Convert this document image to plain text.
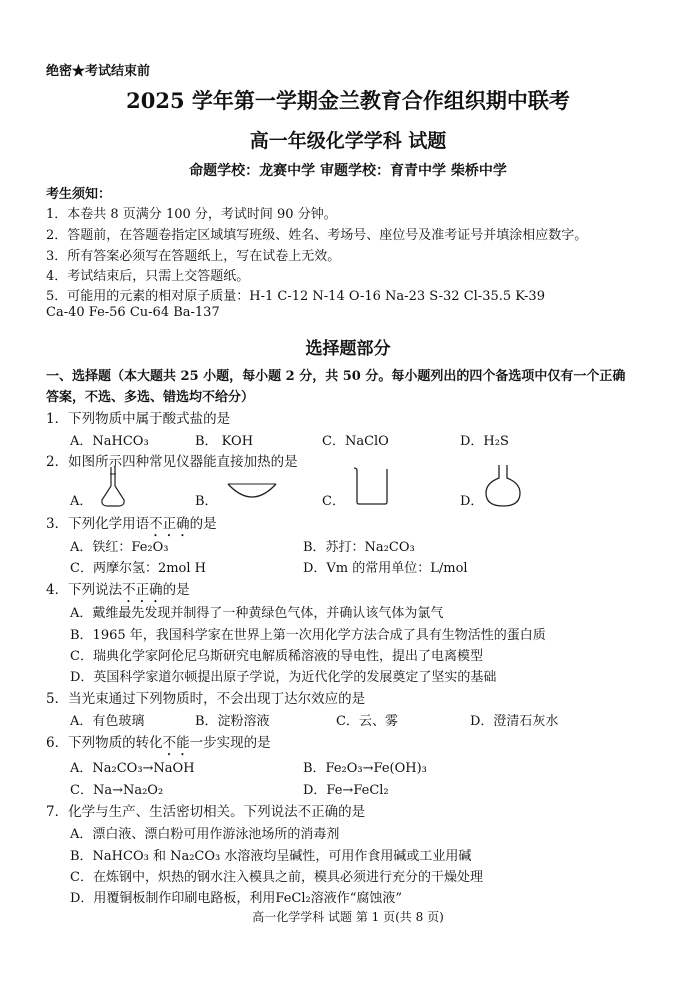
绝密★考试结束前
2025 学年第一学期金兰教育合作组织期中联考
高一年级化学学科 试题
命题学校：龙赛中学 审题学校：育青中学 柴桥中学
考生须知：
1．本卷共 8 页满分 100 分，考试时间 90 分钟。
2．答题前，在答题卷指定区域填写班级、姓名、考场号、座位号及准考证号并填涂相应数字。
3．所有答案必须写在答题纸上，写在试卷上无效。
4．考试结束后，只需上交答题纸。
5．可能用的元素的相对原子质量：H-1 C-12 N-14 O-16 Na-23 S-32 Cl-35.5 K-39
Ca-40 Fe-56 Cu-64 Ba-137
选择题部分
一、选择题（本大题共 25 小题，每小题 2 分，共 50 分。每小题列出的四个备选项中仅有一个正确
答案，不选、多选、错选均不给分）
1．下列物质中属于酸式盐的是
A．NaHCO₃	B． KOH	C．NaClO	D．H₂S
2．如图所示四种常见仪器能直接加热的是
A．	B．	C．	D．
3．下列化学用语不正确的是
A．铁红：Fe₂O₃	B．苏打：Na₂CO₃
C．两摩尔氢：2mol H	D．Vm 的常用单位：L/mol
4．下列说法不正确的是
A．戴维最先发现并制得了一种黄绿色气体，并确认该气体为氯气
B．1965 年，我国科学家在世界上第一次用化学方法合成了具有生物活性的蛋白质
C．瑞典化学家阿伦尼乌斯研究电解质稀溶液的导电性，提出了电离模型
D．英国科学家道尔顿提出原子学说，为近代化学的发展奠定了坚实的基础
5．当光束通过下列物质时，不会出现丁达尔效应的是
A．有色玻璃	B．淀粉溶液	C．云、雾	D．澄清石灰水
6．下列物质的转化不能一步实现的是
A．Na₂CO₃→NaOH	B．Fe₂O₃→Fe(OH)₃
C．Na→Na₂O₂	D．Fe→FeCl₂
7．化学与生产、生活密切相关。下列说法不正确的是
A．漂白液、漂白粉可用作游泳池场所的消毒剂
B．NaHCO₃ 和 Na₂CO₃ 水溶液均呈碱性，可用作食用碱或工业用碱
C．在炼钢中，炽热的钢水注入模具之前，模具必须进行充分的干燥处理
D．用覆铜板制作印刷电路板，利用FeCl₂溶液作“腐蚀液”
高一化学学科 试题 第 1 页(共 8 页)
